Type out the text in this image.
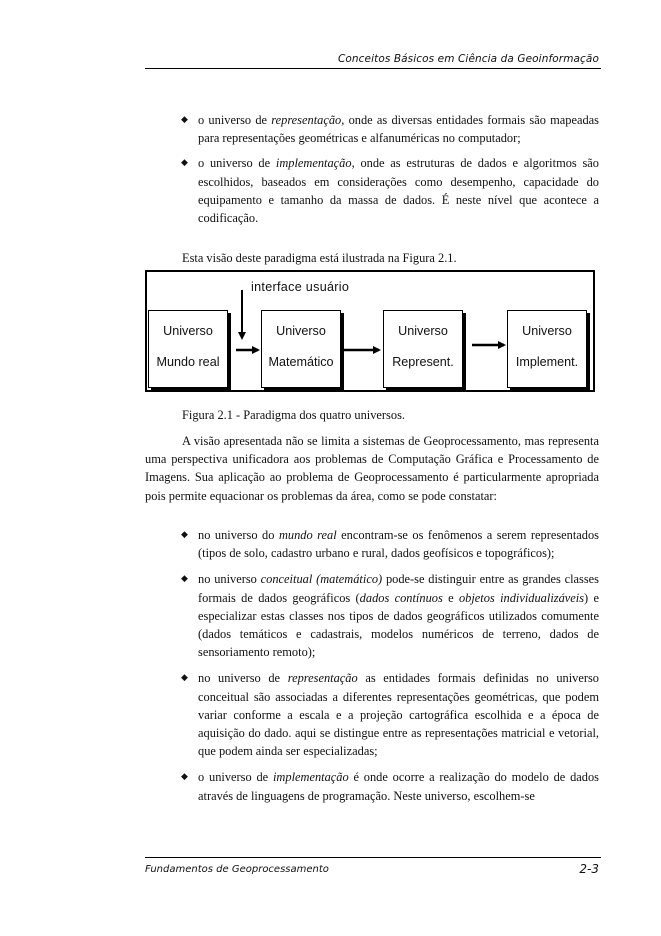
Conceitos Básicos em Ciência da Geoinformação
◆ o universo de representação, onde as diversas entidades formais são mapeadas para representações geométricas e alfanuméricas no computador;
◆ o universo de implementação, onde as estruturas de dados e algoritmos são escolhidos, baseados em considerações como desempenho, capacidade do equipamento e tamanho da massa de dados. É neste nível que acontece a codificação.
Esta visão deste paradigma está ilustrada na Figura 2.1.
interface usuário
Universo
Mundo real
Universo
Matemático
Universo
Represent.
Universo
Implement.
Figura 2.1 - Paradigma dos quatro universos.

A visão apresentada não se limita a sistemas de Geoprocessamento, mas representa uma perspectiva unificadora aos problemas de Computação Gráfica e Processamento de Imagens. Sua aplicação ao problema de Geoprocessamento é particularmente apropriada pois permite equacionar os problemas da área, como se pode constatar:

◆ no universo do mundo real encontram-se os fenômenos a serem representados (tipos de solo, cadastro urbano e rural, dados geofísicos e topográficos);
◆ no universo conceitual (matemático) pode-se distinguir entre as grandes classes formais de dados geográficos (dados contínuos e objetos individualizáveis) e especializar estas classes nos tipos de dados geográficos utilizados comumente (dados temáticos e cadastrais, modelos numéricos de terreno, dados de sensoriamento remoto);
◆ no universo de representação as entidades formais definidas no universo conceitual são associadas a diferentes representações geométricas, que podem variar conforme a escala e a projeção cartográfica escolhida e a época de aquisição do dado. aqui se distingue entre as representações matricial e vetorial, que podem ainda ser especializadas;
◆ o universo de implementação é onde ocorre a realização do modelo de dados através de linguagens de programação. Neste universo, escolhem-se
Fundamentos de Geoprocessamento	2-3
